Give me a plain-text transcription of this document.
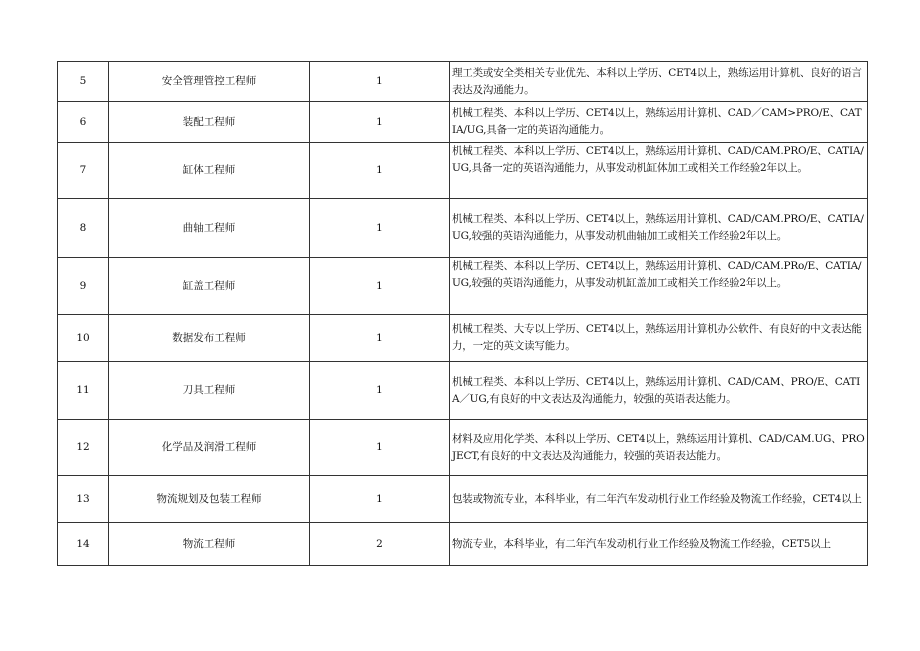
5	安全管理管控工程师	1	理工类或安全类相关专业优先、本科以上学历、CET4以上，熟练运用计算机、良好的语言表达及沟通能力。
6	装配工程师	1	机械工程类、本科以上学历、CET4以上，熟练运用计算机、CAD／CAM>PRO/E、CATIA/UG,具备一定的英语沟通能力。
7	缸体工程师	1	机械工程类、本科以上学历、CET4以上，熟练运用计算机、CAD/CAM.PRO/E、CATIA/UG,具备一定的英语沟通能力，从事发动机缸体加工或相关工作经验2年以上。
8	曲轴工程师	1	机械工程类、本科以上学历、CET4以上，熟练运用计算机、CAD/CAM.PRO/E、CATIA/UG,较强的英语沟通能力，从事发动机曲轴加工或相关工作经验2年以上。
9	缸盖工程师	1	机械工程类、本科以上学历、CET4以上，熟练运用计算机、CAD/CAM.PRo/E、CATIA/UG,较强的英语沟通能力，从事发动机缸盖加工或相关工作经验2年以上。
10	数据发布工程师	1	机械工程类、大专以上学历、CET4以上，熟练运用计算机办公软件、有良好的中文表达能力，一定的英文读写能力。
11	刀具工程师	1	机械工程类、本科以上学历、CET4以上，熟练运用计算机、CAD/CAM、PRO/E、CATIA／UG,有良好的中文表达及沟通能力，较强的英语表达能力。
12	化学品及润滑工程师	1	材料及应用化学类、本科以上学历、CET4以上，熟练运用计算机、CAD/CAM.UG、PROJECT,有良好的中文表达及沟通能力，较强的英语表达能力。
13	物流规划及包装工程师	1	包装或物流专业，本科毕业，有二年汽车发动机行业工作经验及物流工作经验，CET4以上
14	物流工程师	2	物流专业，本科毕业，有二年汽车发动机行业工作经验及物流工作经验，CET5以上
